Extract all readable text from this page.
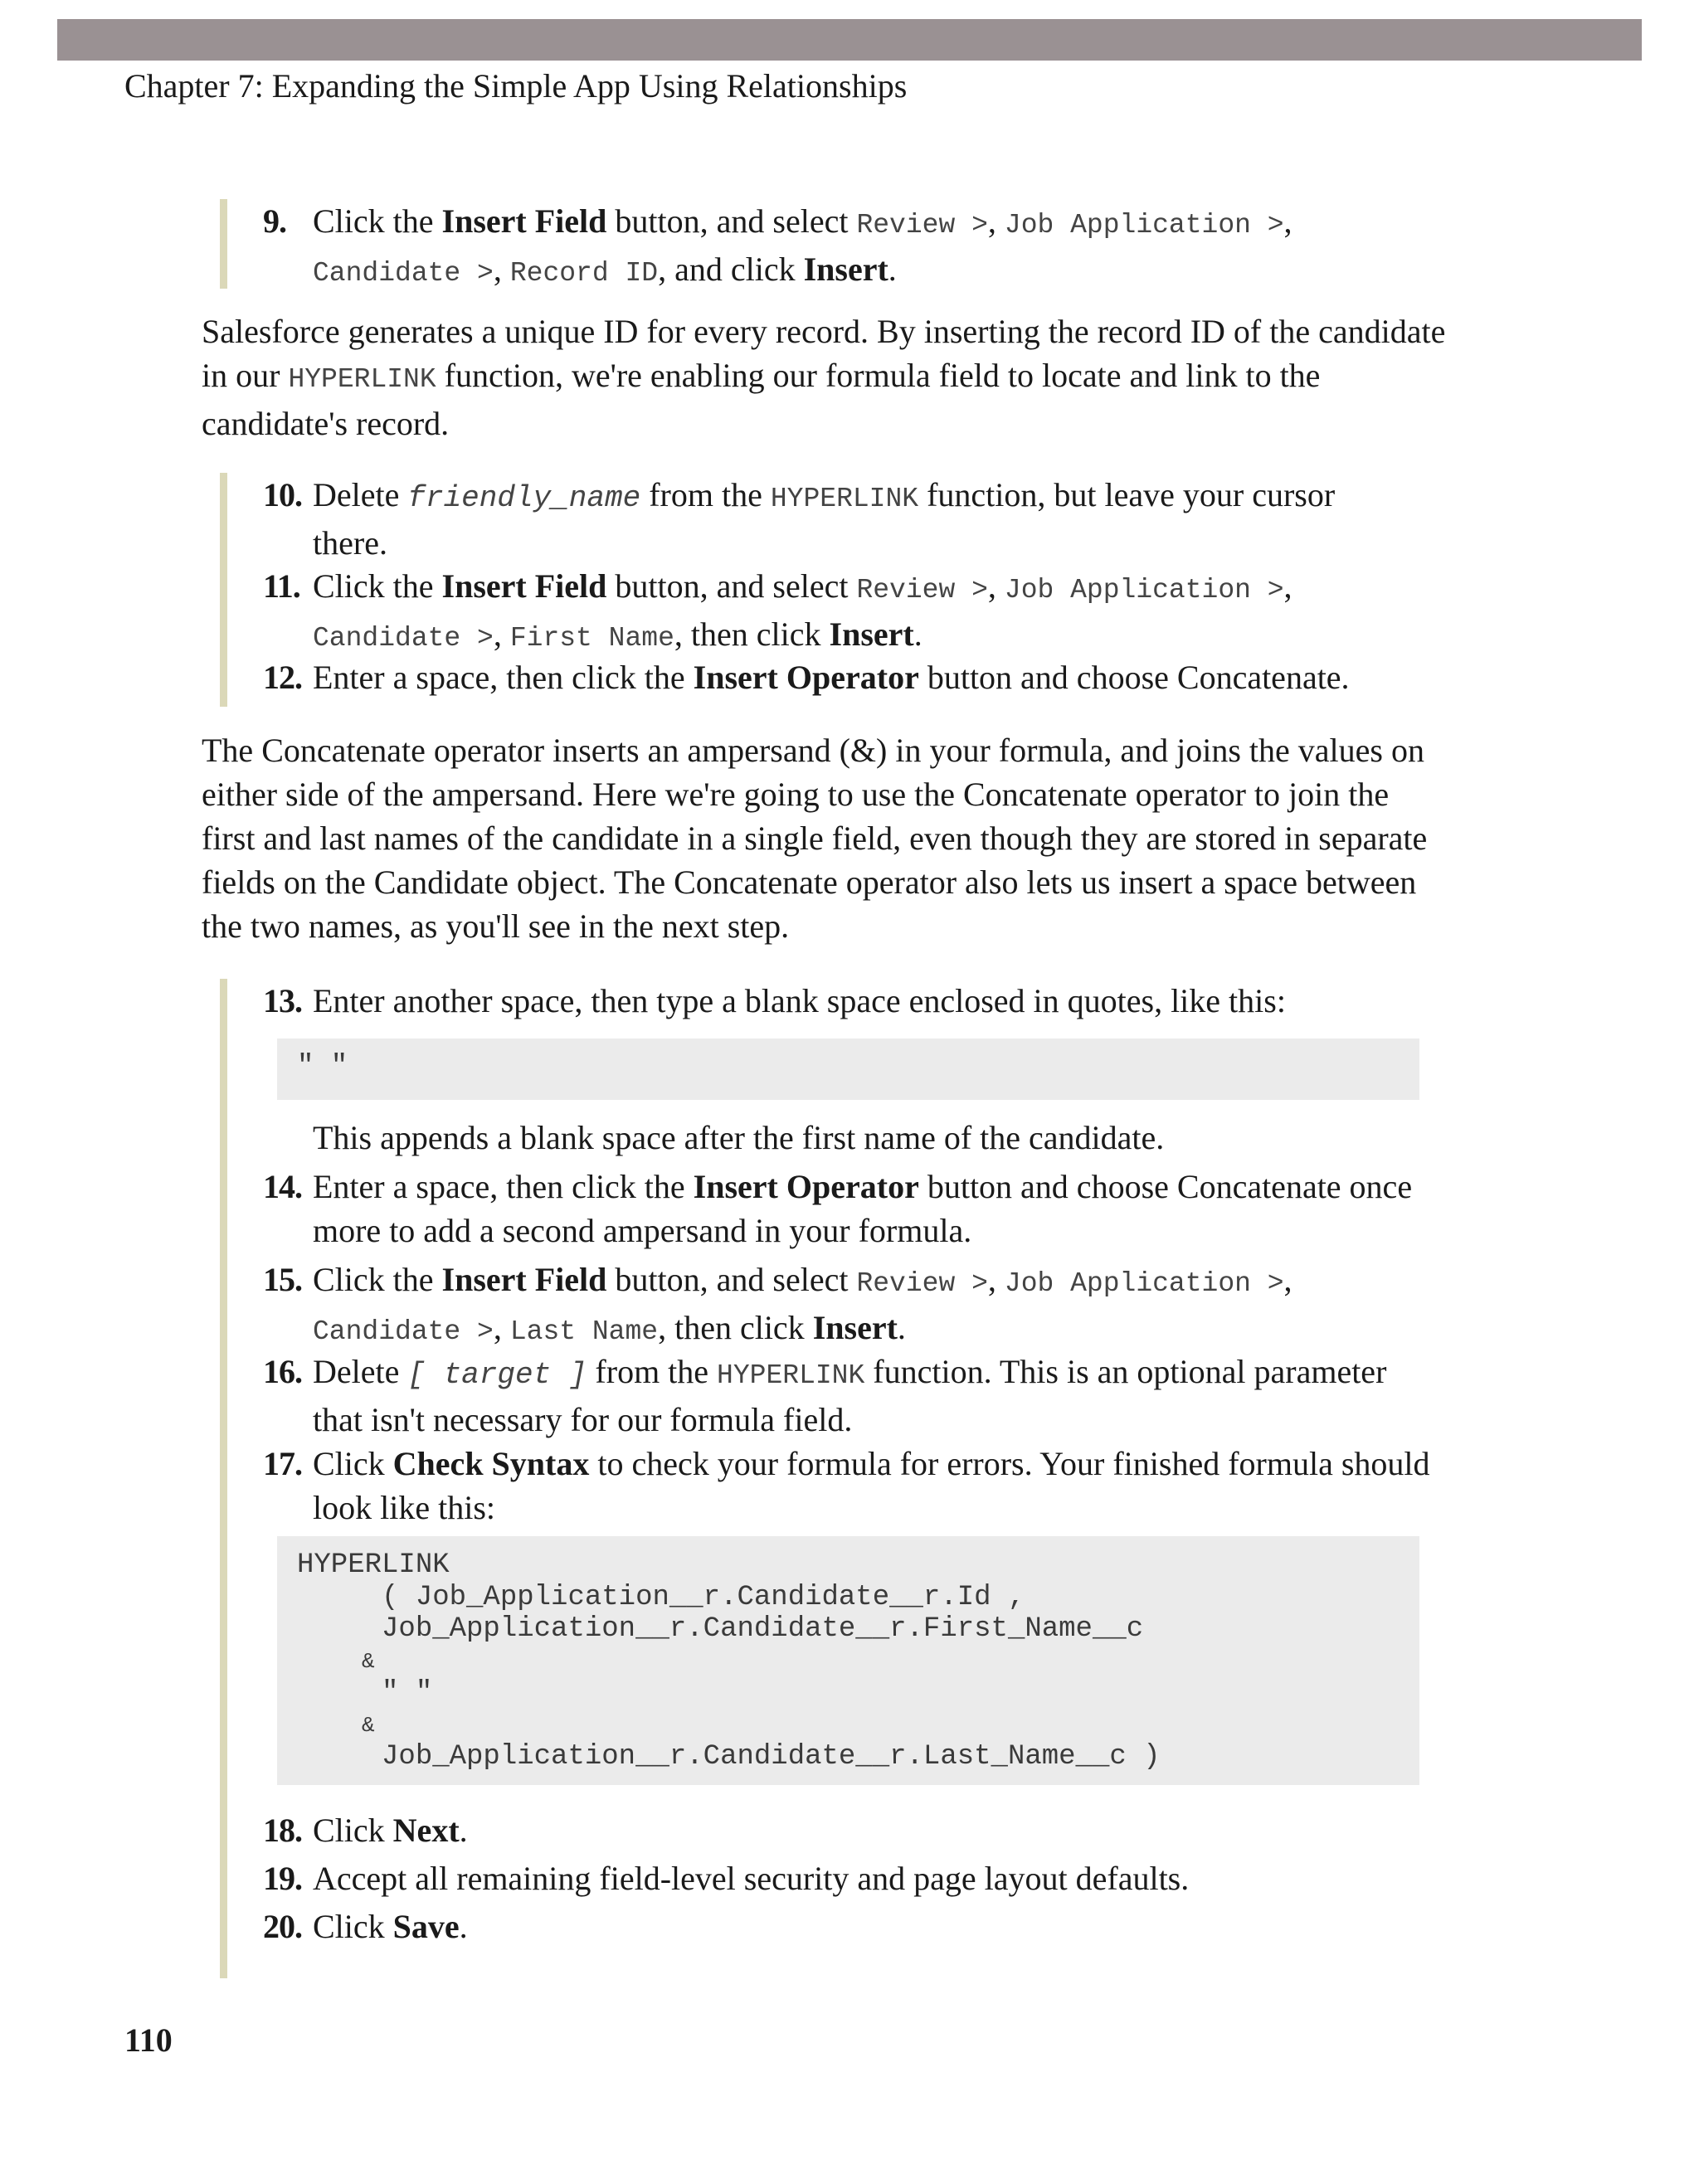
Chapter 7: Expanding the Simple App Using Relationships
9. Click the Insert Field button, and select Review >, Job Application >,
Candidate >, Record ID, and click Insert.
Salesforce generates a unique ID for every record. By inserting the record ID of the candidate
in our HYPERLINK function, we're enabling our formula field to locate and link to the
candidate's record.
10. Delete friendly_name from the HYPERLINK function, but leave your cursor
there.
11. Click the Insert Field button, and select Review >, Job Application >,
Candidate >, First Name, then click Insert.
12. Enter a space, then click the Insert Operator button and choose Concatenate.
The Concatenate operator inserts an ampersand (&) in your formula, and joins the values on
either side of the ampersand. Here we're going to use the Concatenate operator to join the
first and last names of the candidate in a single field, even though they are stored in separate
fields on the Candidate object. The Concatenate operator also lets us insert a space between
the two names, as you'll see in the next step.
13. Enter another space, then type a blank space enclosed in quotes, like this:
" "
This appends a blank space after the first name of the candidate.
14. Enter a space, then click the Insert Operator button and choose Concatenate once
more to add a second ampersand in your formula.
15. Click the Insert Field button, and select Review >, Job Application >,
Candidate >, Last Name, then click Insert.
16. Delete [ target ] from the HYPERLINK function. This is an optional parameter
that isn't necessary for our formula field.
17. Click Check Syntax to check your formula for errors. Your finished formula should
look like this:
HYPERLINK
( Job_Application__r.Candidate__r.Id ,
Job_Application__r.Candidate__r.First_Name__c
&
" "
&
Job_Application__r.Candidate__r.Last_Name__c )
18. Click Next.
19. Accept all remaining field-level security and page layout defaults.
20. Click Save.
110
